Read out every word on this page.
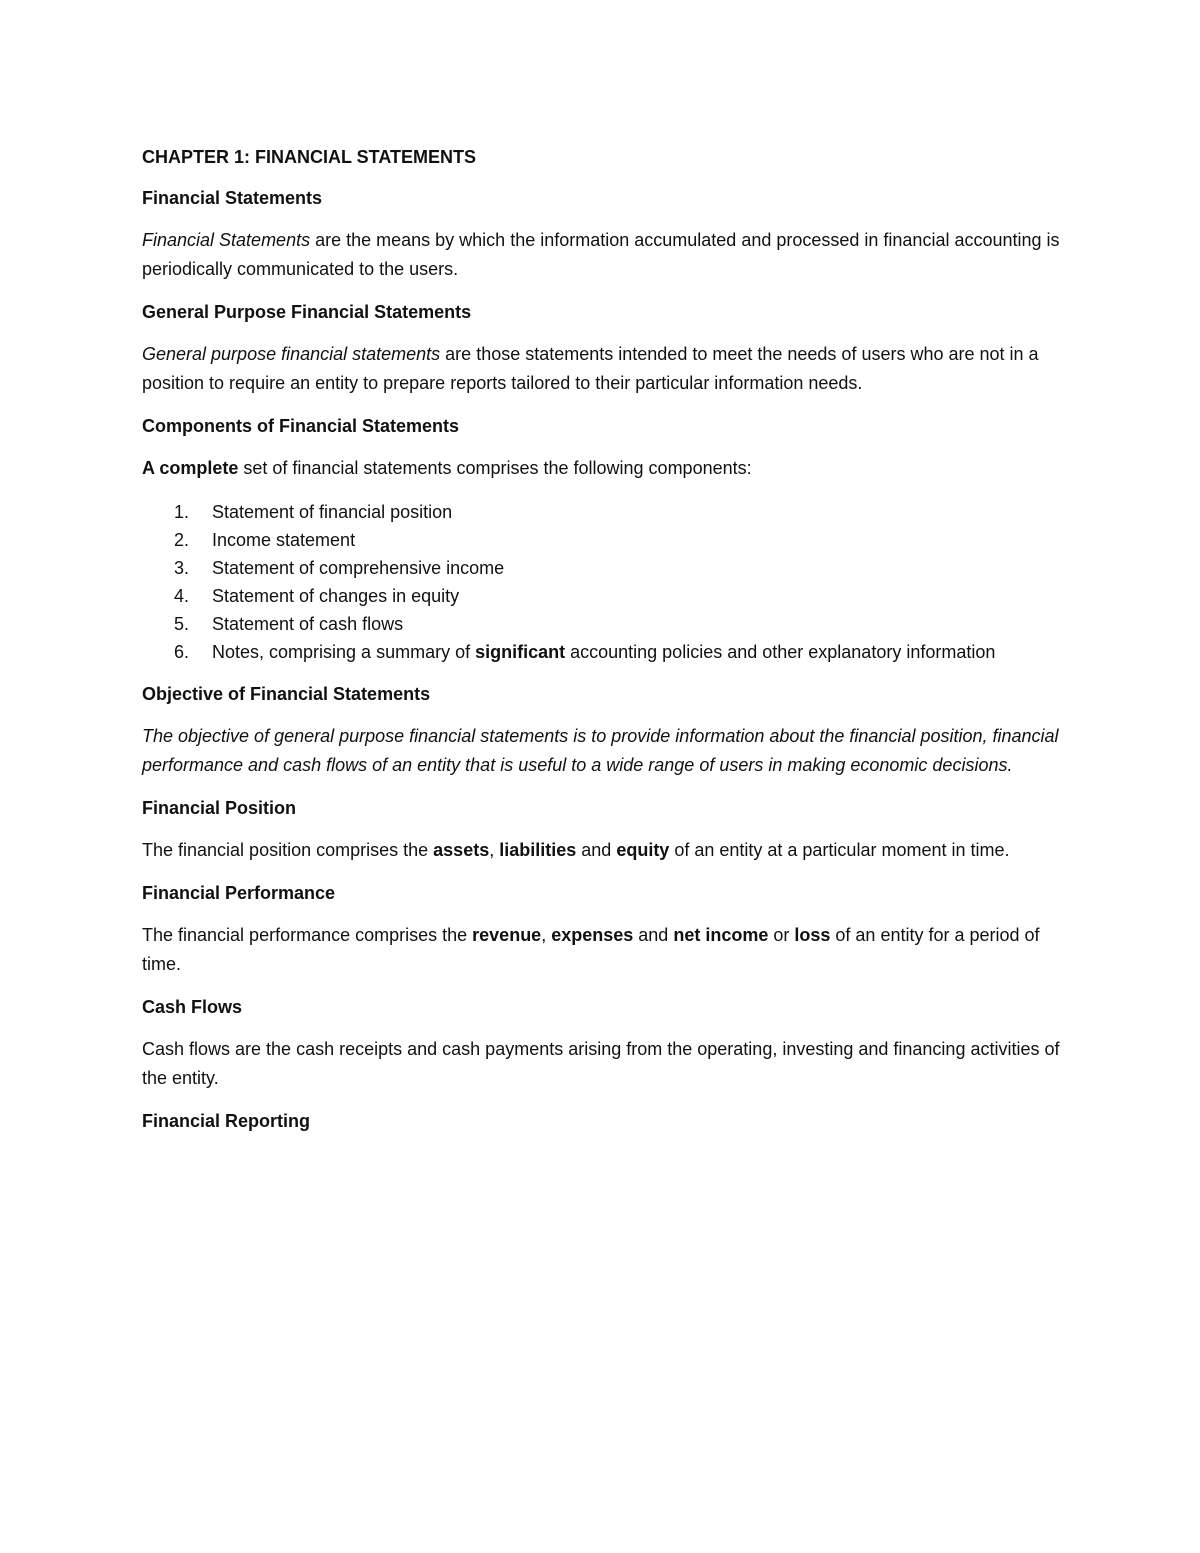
CHAPTER 1: FINANCIAL STATEMENTS
Financial Statements

Financial Statements are the means by which the information accumulated and processed in financial accounting is periodically communicated to the users.

General Purpose Financial Statements

General purpose financial statements are those statements intended to meet the needs of users who are not in a position to require an entity to prepare reports tailored to their particular information needs.

Components of Financial Statements

A complete set of financial statements comprises the following components:

1. Statement of financial position
2. Income statement
3. Statement of comprehensive income
4. Statement of changes in equity
5. Statement of cash flows
6. Notes, comprising a summary of significant accounting policies and other explanatory information
Objective of Financial Statements

The objective of general purpose financial statements is to provide information about the financial position, financial performance and cash flows of an entity that is useful to a wide range of users in making economic decisions.

Financial Position

The financial position comprises the assets, liabilities and equity of an entity at a particular moment in time.

Financial Performance

The financial performance comprises the revenue, expenses and net income or loss of an entity for a period of time.

Cash Flows

Cash flows are the cash receipts and cash payments arising from the operating, investing and financing activities of the entity.

Financial Reporting
